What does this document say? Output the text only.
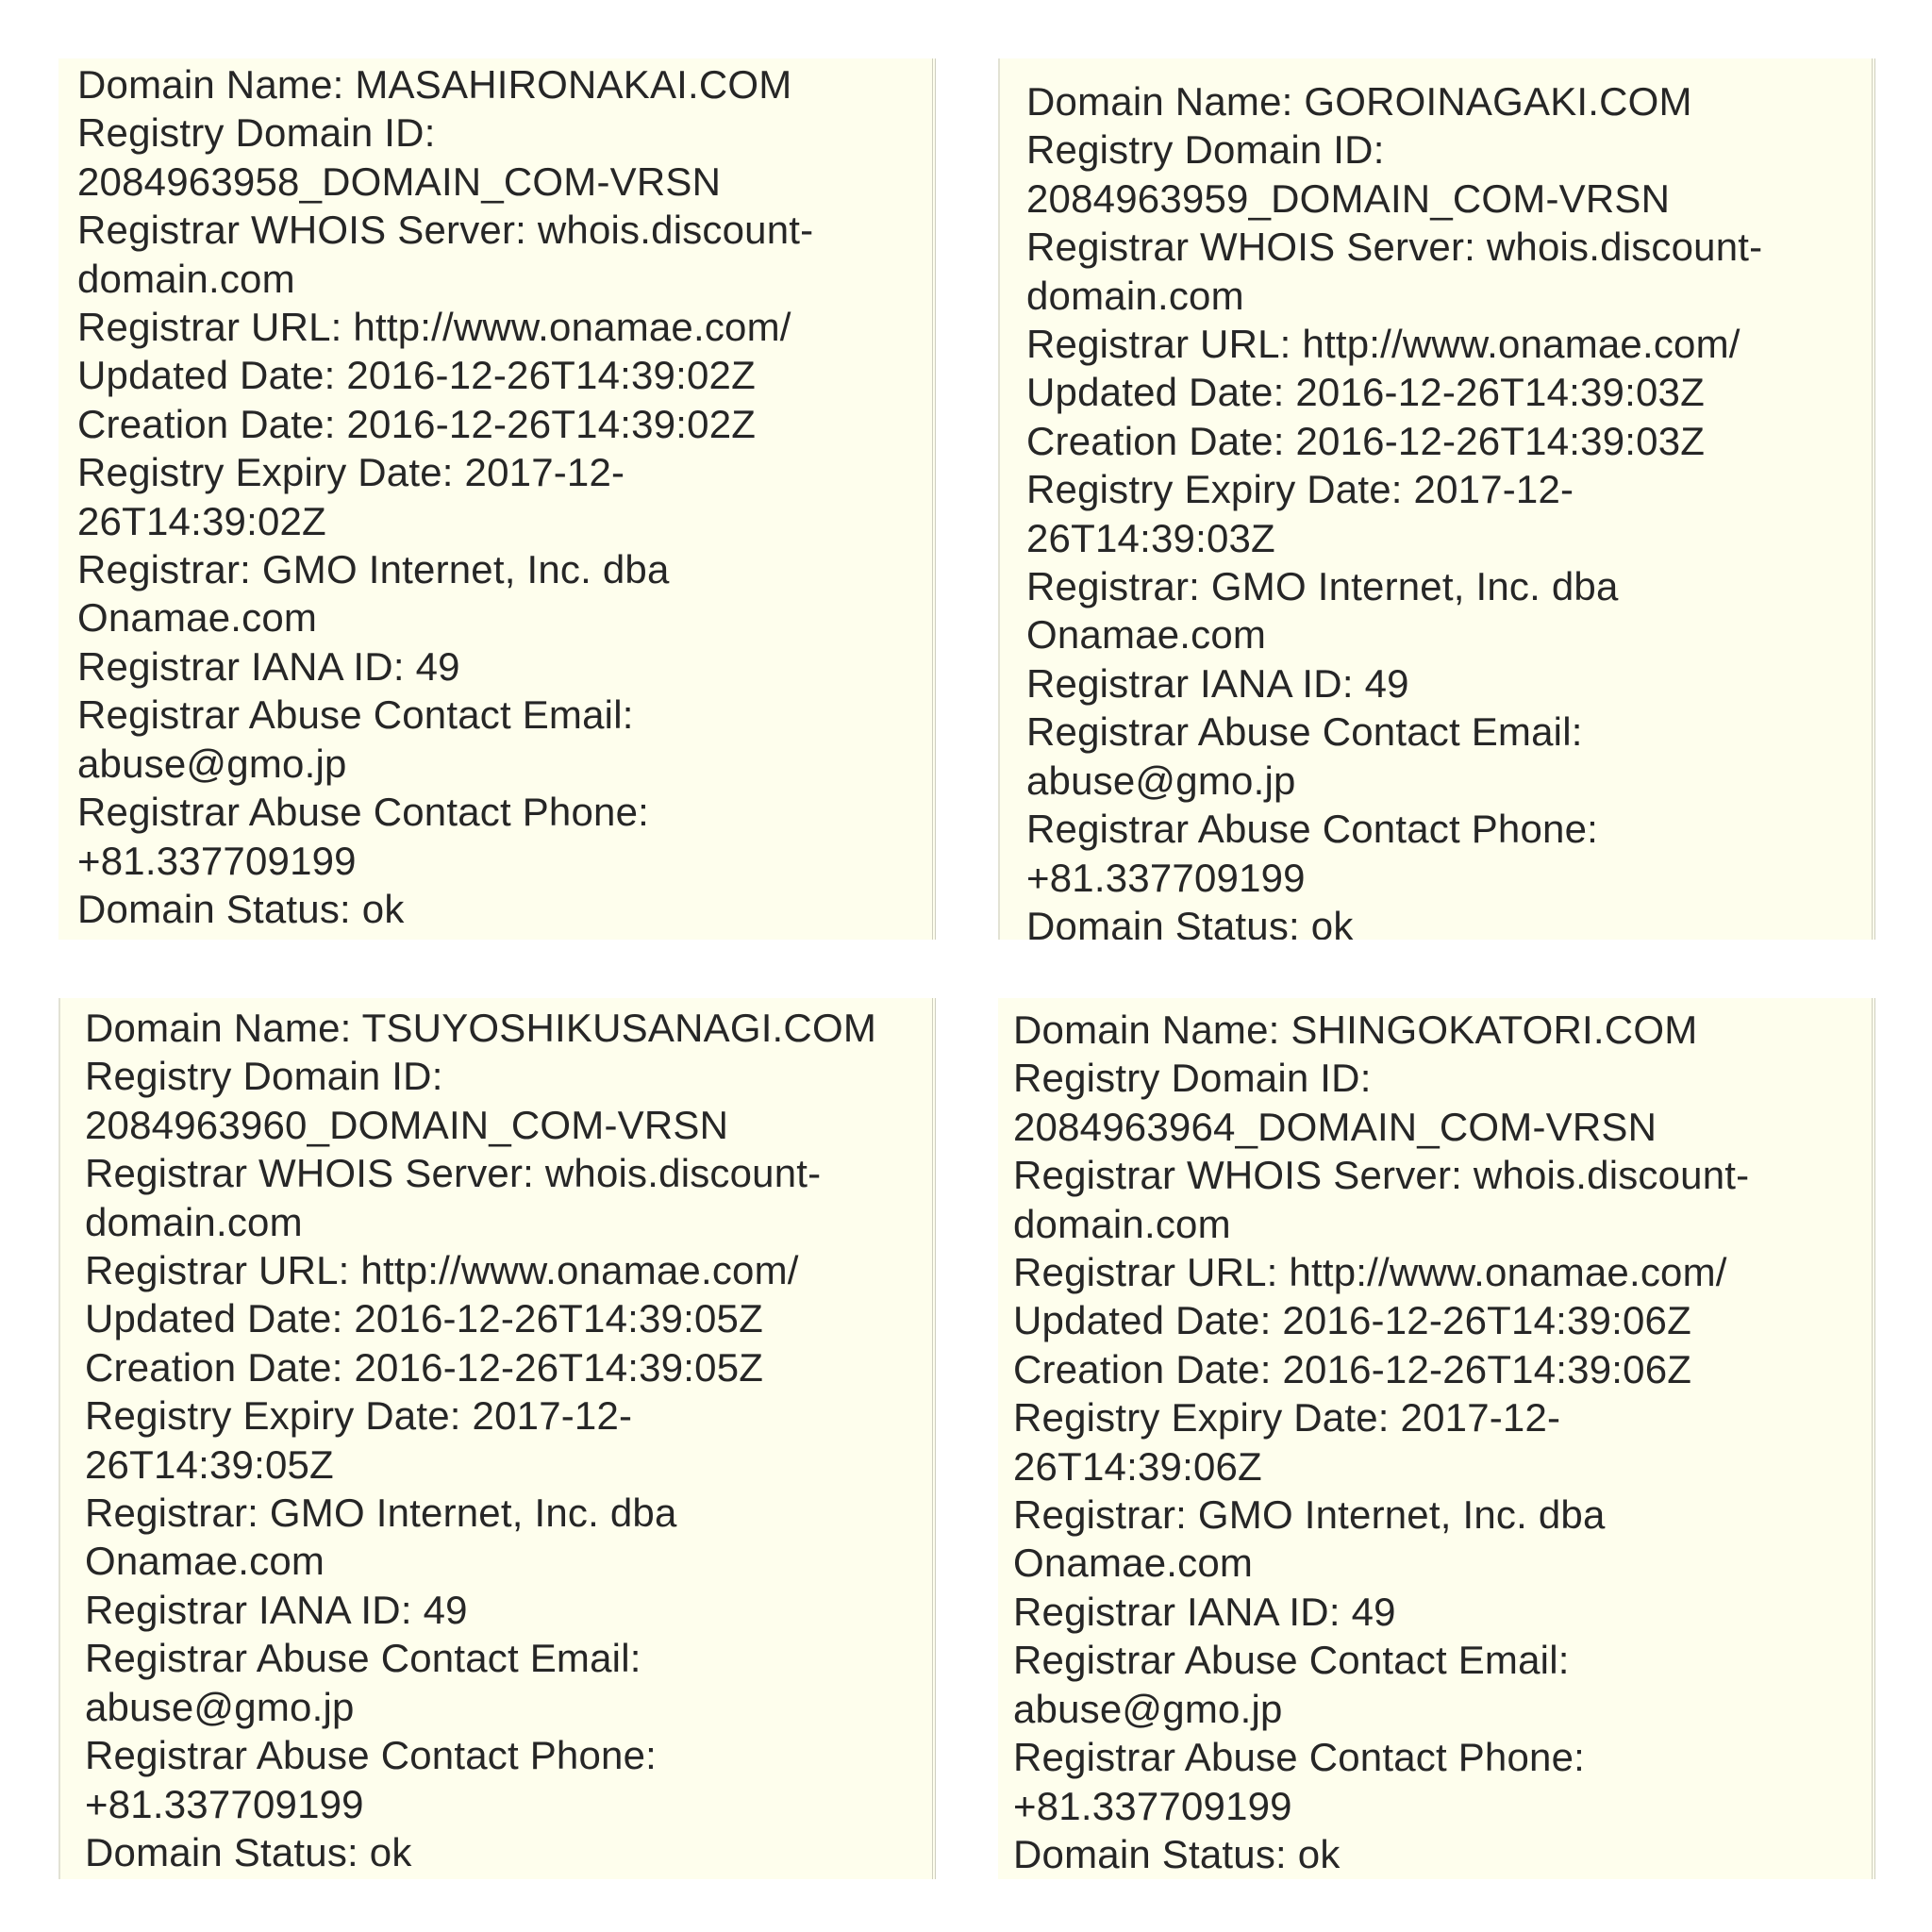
Domain Name: MASAHIRONAKAI.COM
Registry Domain ID:
2084963958_DOMAIN_COM-VRSN
Registrar WHOIS Server: whois.discount-
domain.com
Registrar URL: http://www.onamae.com/
Updated Date: 2016-12-26T14:39:02Z
Creation Date: 2016-12-26T14:39:02Z
Registry Expiry Date: 2017-12-
26T14:39:02Z
Registrar: GMO Internet, Inc. dba
Onamae.com
Registrar IANA ID: 49
Registrar Abuse Contact Email:
abuse@gmo.jp
Registrar Abuse Contact Phone:
+81.337709199
Domain Status: ok
Domain Name: GOROINAGAKI.COM
Registry Domain ID:
2084963959_DOMAIN_COM-VRSN
Registrar WHOIS Server: whois.discount-
domain.com
Registrar URL: http://www.onamae.com/
Updated Date: 2016-12-26T14:39:03Z
Creation Date: 2016-12-26T14:39:03Z
Registry Expiry Date: 2017-12-
26T14:39:03Z
Registrar: GMO Internet, Inc. dba
Onamae.com
Registrar IANA ID: 49
Registrar Abuse Contact Email:
abuse@gmo.jp
Registrar Abuse Contact Phone:
+81.337709199
Domain Status: ok
Domain Name: TSUYOSHIKUSANAGI.COM
Registry Domain ID:
2084963960_DOMAIN_COM-VRSN
Registrar WHOIS Server: whois.discount-
domain.com
Registrar URL: http://www.onamae.com/
Updated Date: 2016-12-26T14:39:05Z
Creation Date: 2016-12-26T14:39:05Z
Registry Expiry Date: 2017-12-
26T14:39:05Z
Registrar: GMO Internet, Inc. dba
Onamae.com
Registrar IANA ID: 49
Registrar Abuse Contact Email:
abuse@gmo.jp
Registrar Abuse Contact Phone:
+81.337709199
Domain Status: ok
Domain Name: SHINGOKATORI.COM
Registry Domain ID:
2084963964_DOMAIN_COM-VRSN
Registrar WHOIS Server: whois.discount-
domain.com
Registrar URL: http://www.onamae.com/
Updated Date: 2016-12-26T14:39:06Z
Creation Date: 2016-12-26T14:39:06Z
Registry Expiry Date: 2017-12-
26T14:39:06Z
Registrar: GMO Internet, Inc. dba
Onamae.com
Registrar IANA ID: 49
Registrar Abuse Contact Email:
abuse@gmo.jp
Registrar Abuse Contact Phone:
+81.337709199
Domain Status: ok
